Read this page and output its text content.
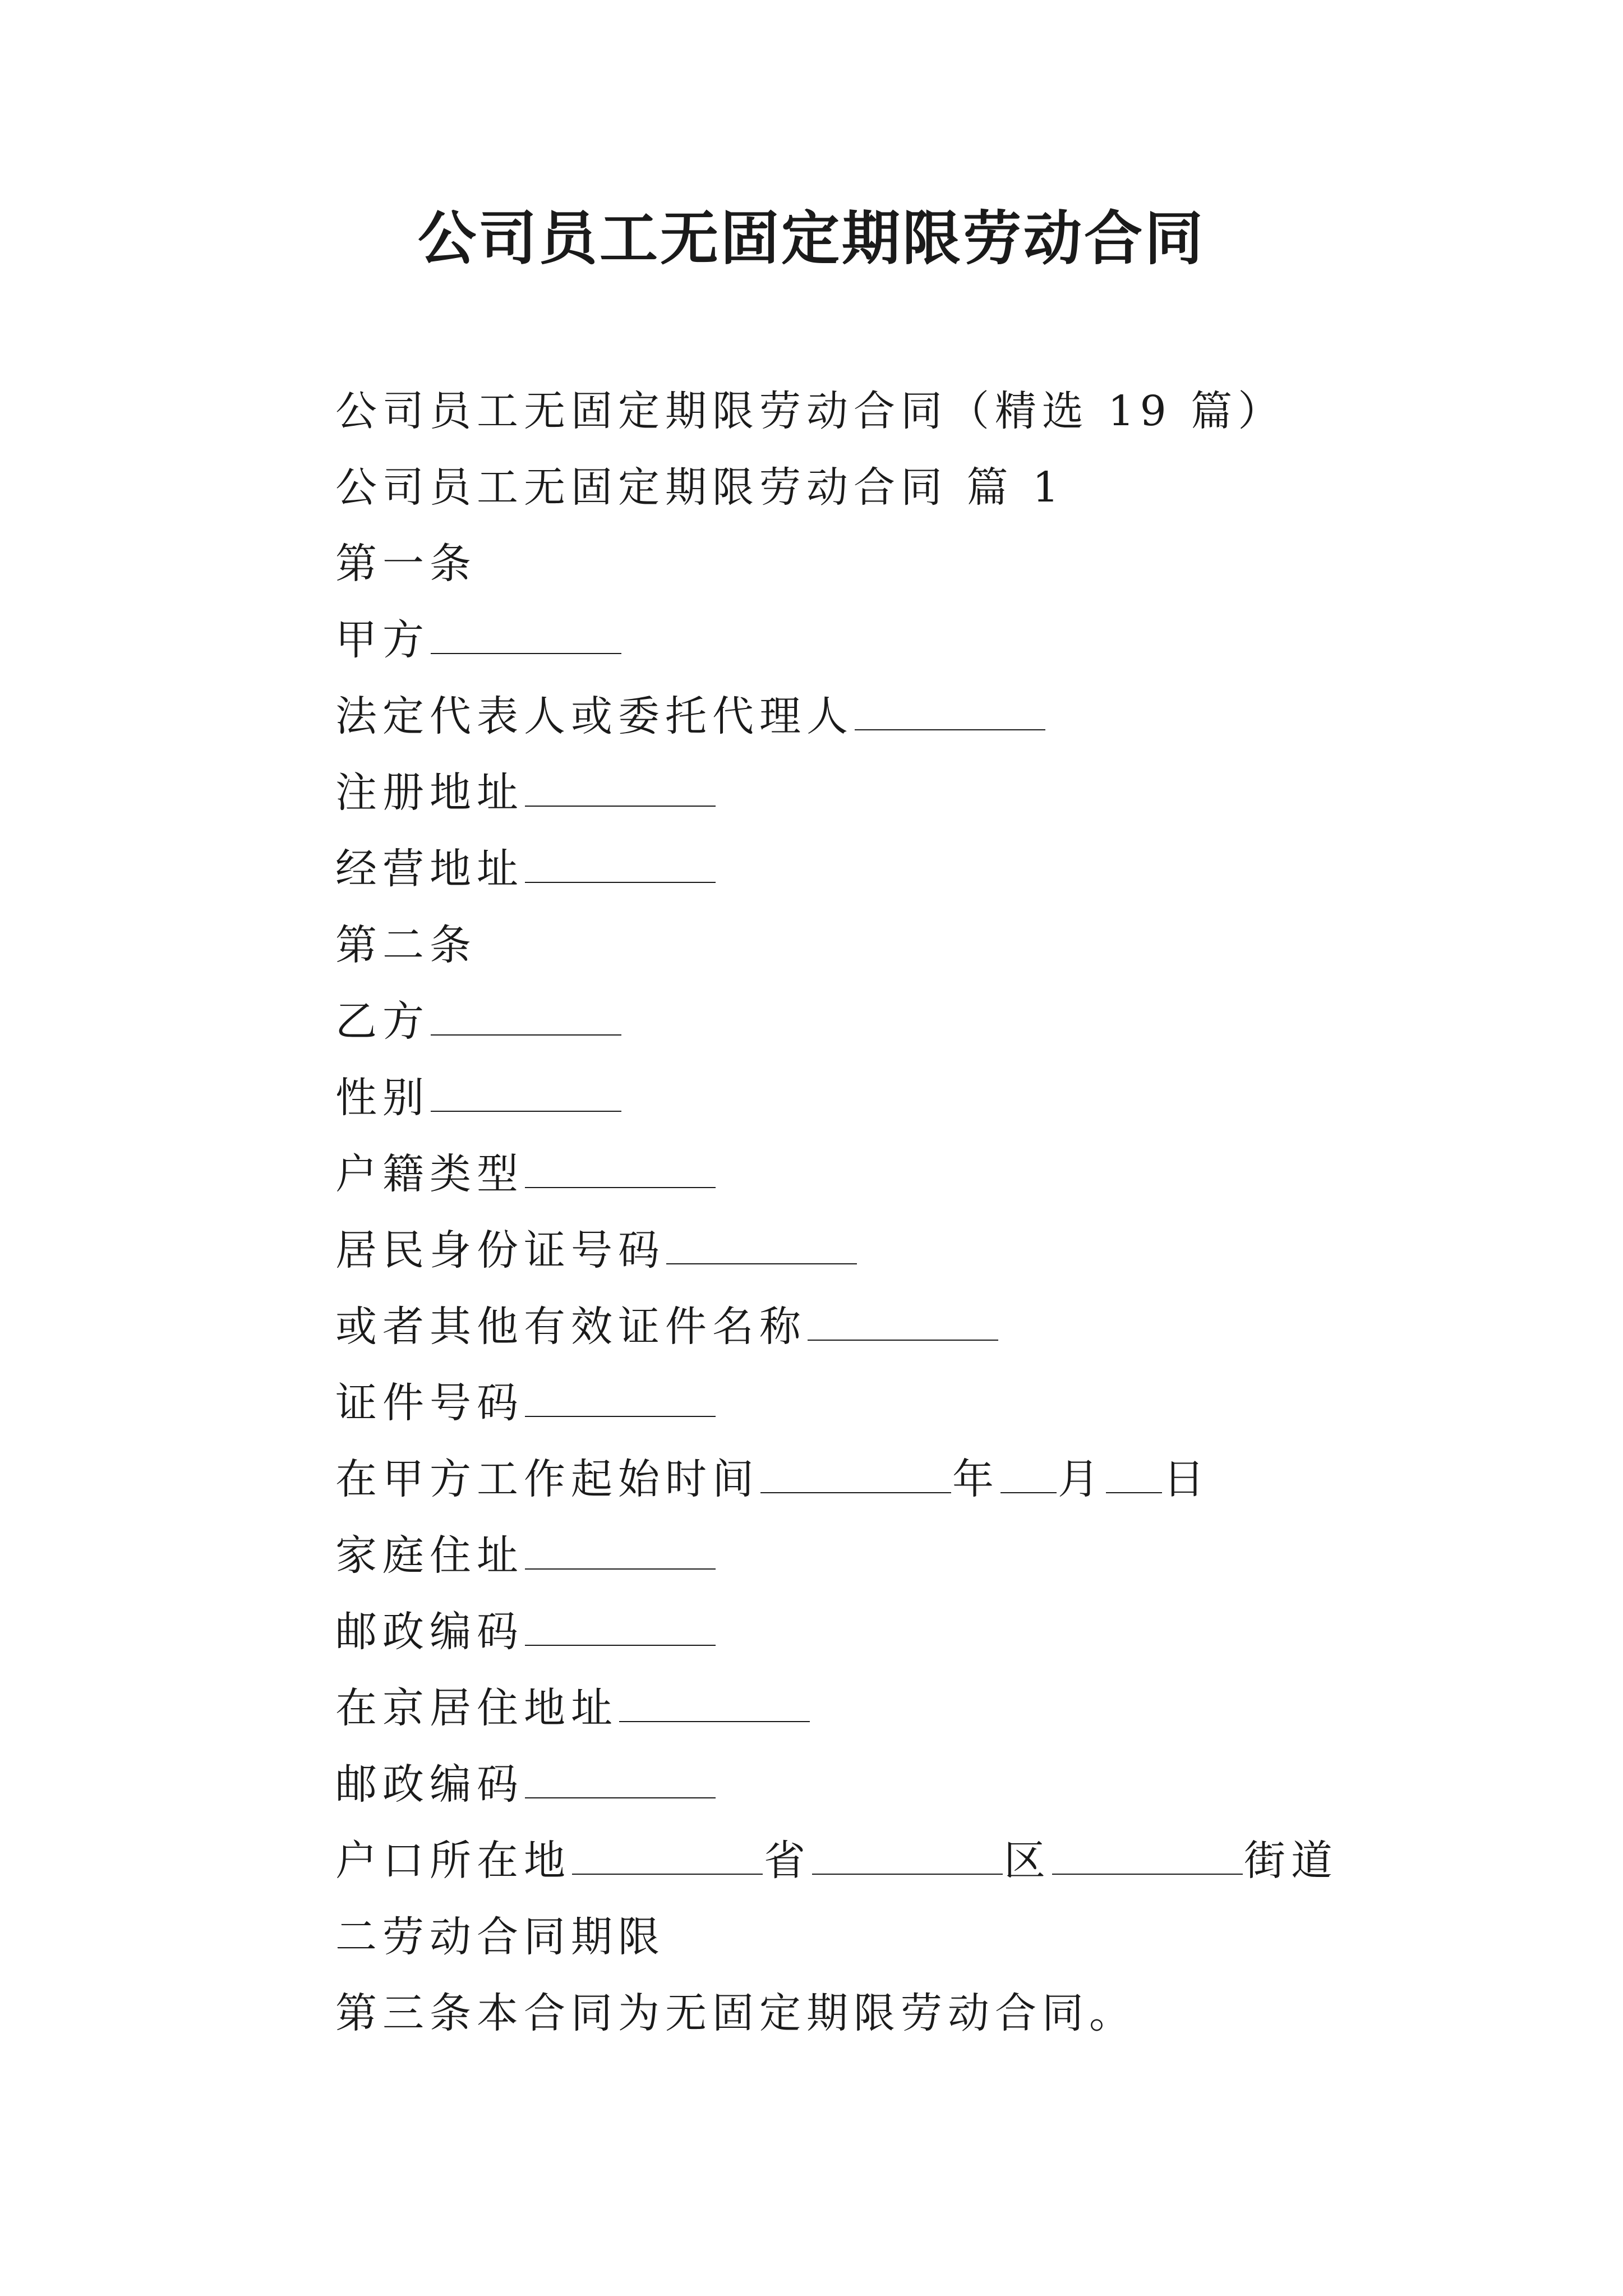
公司员工无固定期限劳动合同
公司员工无固定期限劳动合同（精选 19 篇）
公司员工无固定期限劳动合同 篇 1
第一条
甲方
法定代表人或委托代理人
注册地址
经营地址
第二条
乙方
性别
户籍类型
居民身份证号码
或者其他有效证件名称
证件号码
在甲方工作起始时间	年 月 日
家庭住址
邮政编码
在京居住地址
邮政编码
户口所在地	省	区	街道
二劳动合同期限
第三条本合同为无固定期限劳动合同。
